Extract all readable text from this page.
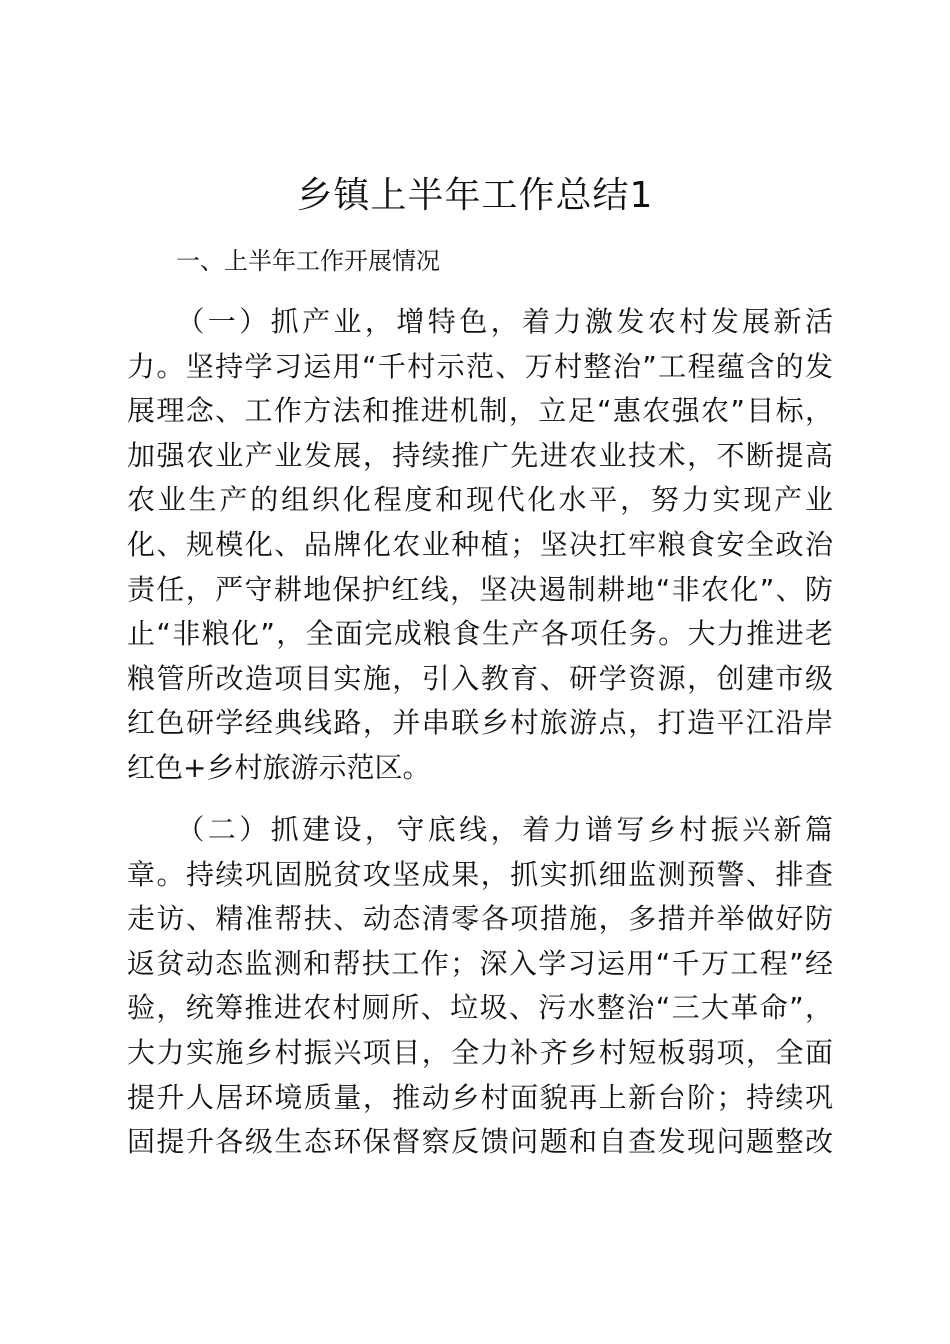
乡镇上半年工作总结1
一、上半年工作开展情况

（一）抓产业，增特色，着力激发农村发展新活
力。坚持学习运用“千村示范、万村整治”工程蕴含的发
展理念、工作方法和推进机制，立足“惠农强农”目标，
加强农业产业发展，持续推广先进农业技术，不断提高
农业生产的组织化程度和现代化水平，努力实现产业
化、规模化、品牌化农业种植；坚决扛牢粮食安全政治
责任，严守耕地保护红线，坚决遏制耕地“非农化”、防
止“非粮化”，全面完成粮食生产各项任务。大力推进老
粮管所改造项目实施，引入教育、研学资源，创建市级
红色研学经典线路，并串联乡村旅游点，打造平江沿岸
红色+乡村旅游示范区。

（二）抓建设，守底线，着力谱写乡村振兴新篇
章。持续巩固脱贫攻坚成果，抓实抓细监测预警、排查
走访、精准帮扶、动态清零各项措施，多措并举做好防
返贫动态监测和帮扶工作；深入学习运用“千万工程”经
验，统筹推进农村厕所、垃圾、污水整治“三大革命”，
大力实施乡村振兴项目，全力补齐乡村短板弱项，全面
提升人居环境质量，推动乡村面貌再上新台阶；持续巩
固提升各级生态环保督察反馈问题和自查发现问题整改
